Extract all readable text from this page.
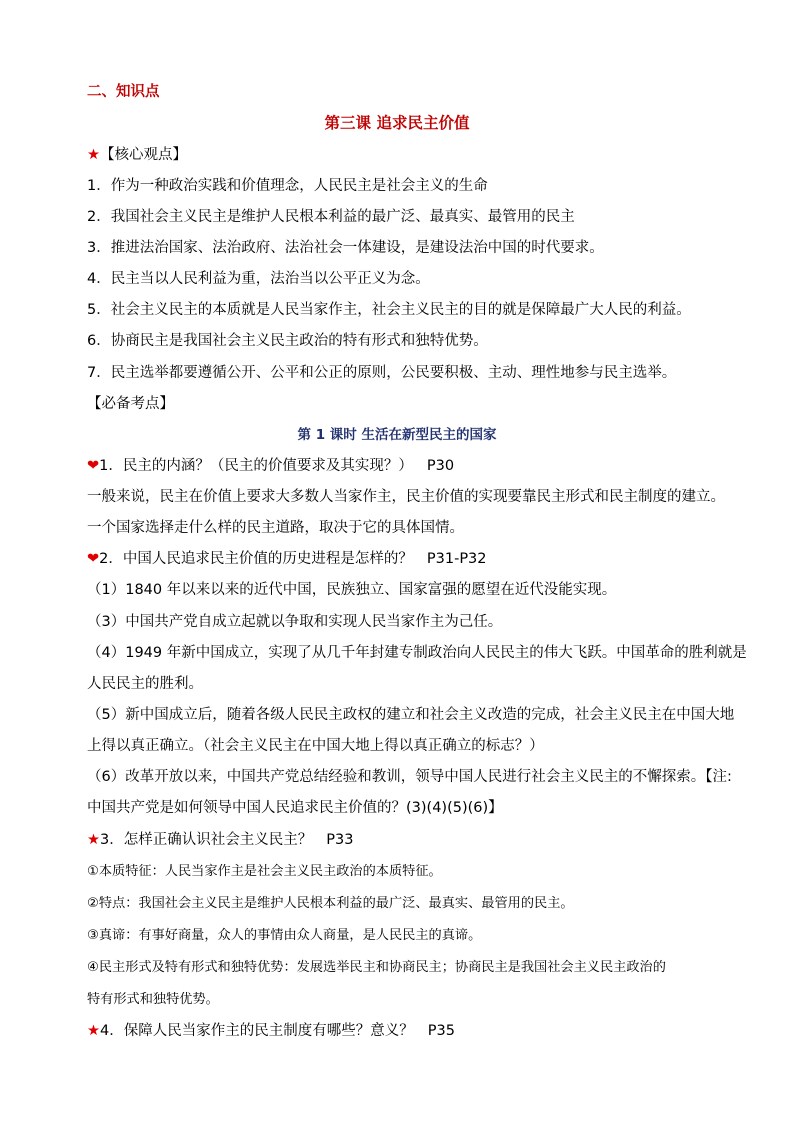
二、知识点
第三课 追求民主价值
★【核心观点】
1．作为一种政治实践和价值理念，人民民主是社会主义的生命
2．我国社会主义民主是维护人民根本利益的最广泛、最真实、最管用的民主
3．推进法治国家、法治政府、法治社会一体建设，是建设法治中国的时代要求。
4．民主当以人民利益为重，法治当以公平正义为念。
5．社会主义民主的本质就是人民当家作主，社会主义民主的目的就是保障最广大人民的利益。
6．协商民主是我国社会主义民主政治的特有形式和独特优势。
7．民主选举都要遵循公开、公平和公正的原则，公民要积极、主动、理性地参与民主选举。
【必备考点】
第 1 课时 生活在新型民主的国家
❤1．民主的内涵？（民主的价值要求及其实现？） P30
一般来说，民主在价值上要求大多数人当家作主，民主价值的实现要靠民主形式和民主制度的建立。
一个国家选择走什么样的民主道路，取决于它的具体国情。
❤2．中国人民追求民主价值的历史进程是怎样的？ P31-P32
（1）1840 年以来以来的近代中国，民族独立、国家富强的愿望在近代没能实现。
（3）中国共产党自成立起就以争取和实现人民当家作主为己任。
（4）1949 年新中国成立，实现了从几千年封建专制政治向人民民主的伟大飞跃。中国革命的胜利就是
人民民主的胜利。
（5）新中国成立后，随着各级人民民主政权的建立和社会主义改造的完成，社会主义民主在中国大地
上得以真正确立。（社会主义民主在中国大地上得以真正确立的标志？）
（6）改革开放以来，中国共产党总结经验和教训，领导中国人民进行社会主义民主的不懈探索。【注:
中国共产党是如何领导中国人民追求民主价值的？(3)(4)(5)(6)】
★3．怎样正确认识社会主义民主？ P33
①本质特征：人民当家作主是社会主义民主政治的本质特征。
②特点：我国社会主义民主是维护人民根本利益的最广泛、最真实、最管用的民主。
③真谛：有事好商量，众人的事情由众人商量，是人民民主的真谛。
④民主形式及特有形式和独特优势：发展选举民主和协商民主；协商民主是我国社会主义民主政治的
特有形式和独特优势。
★4．保障人民当家作主的民主制度有哪些？意义？ P35
